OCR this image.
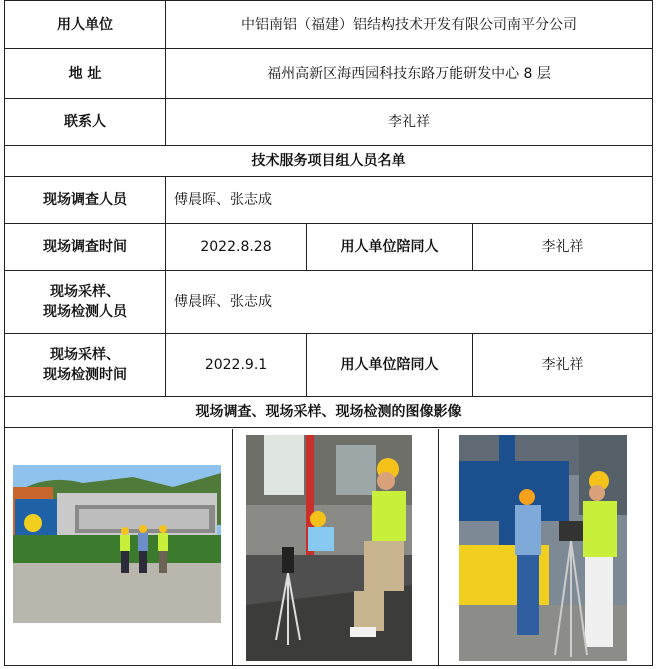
用人单位	中铝南铝（福建）铝结构技术开发有限公司南平分公司		
地 址	福州高新区海西园科技东路万能研发中心 8 层		
联系人	李礼祥		
技术服务项目组人员名单			
现场调查人员	傅晨晖、张志成		
现场调查时间	2022.8.28	用人单位陪同人	李礼祥
现场采样、
现场检测人员	傅晨晖、张志成		
现场采样、
现场检测时间	2022.9.1	用人单位陪同人	李礼祥
现场调查、现场采样、现场检测的图像影像			
